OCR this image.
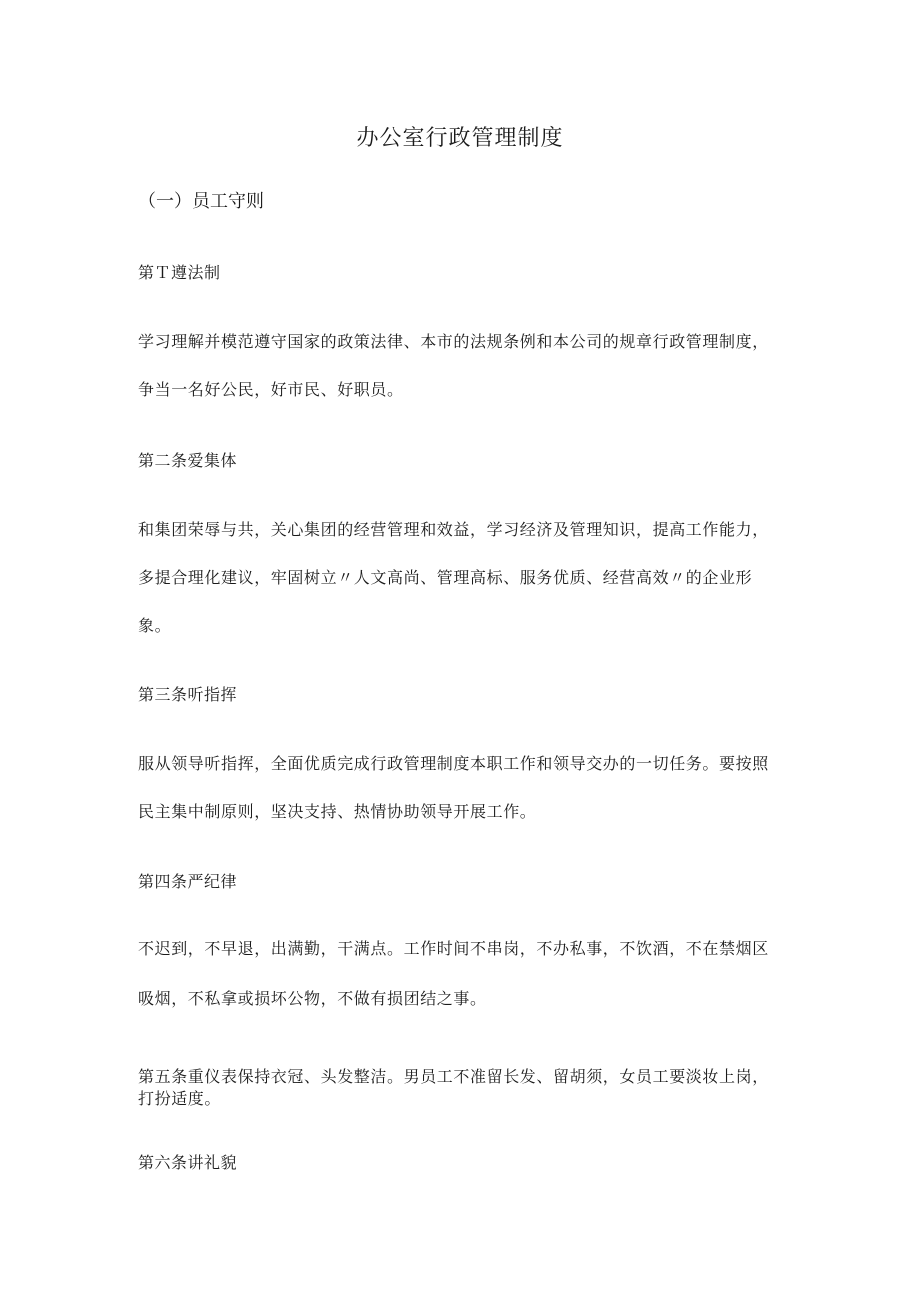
办公室行政管理制度
（一）员工守则
第Ｔ遵法制
学习理解并模范遵守国家的政策法律、本市的法规条例和本公司的规章行政管理制度，
争当一名好公民，好市民、好职员。
第二条爱集体
和集团荣辱与共，关心集团的经营管理和效益，学习经济及管理知识，提高工作能力，
多提合理化建议，牢固树立〃人文高尚、管理高标、服务优质、经营高效〃的企业形
象。
第三条听指挥
服从领导听指挥，全面优质完成行政管理制度本职工作和领导交办的一切任务。要按照
民主集中制原则，坚决支持、热情协助领导开展工作。
第四条严纪律
不迟到，不早退，出满勤，干满点。工作时间不串岗，不办私事，不饮酒，不在禁烟区
吸烟，不私拿或损坏公物，不做有损团结之事。
第五条重仪表保持衣冠、头发整洁。男员工不准留长发、留胡须，女员工要淡妆上岗，
打扮适度。
第六条讲礼貌
